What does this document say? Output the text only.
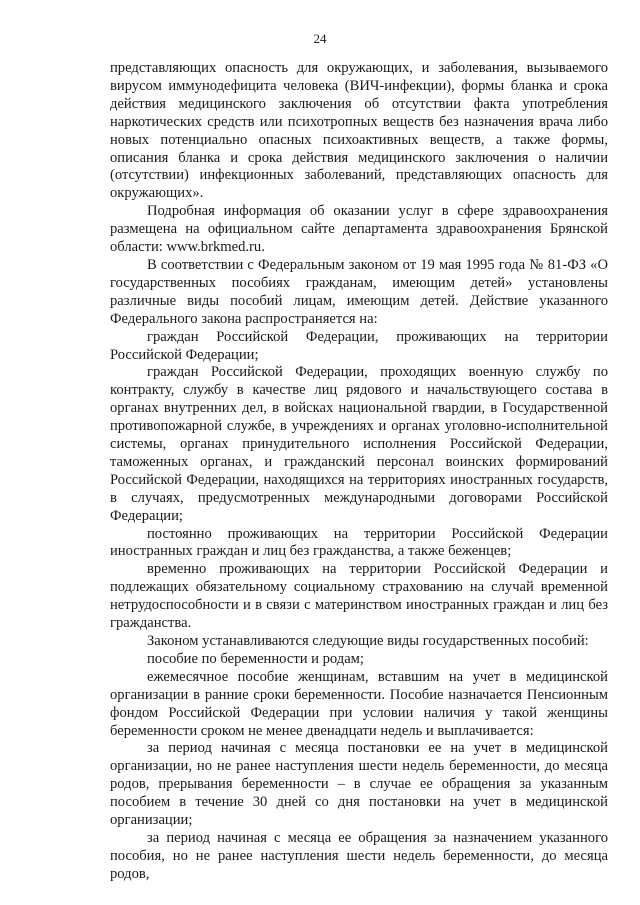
24

представляющих опасность для окружающих, и заболевания, вызываемого вирусом иммунодефицита человека (ВИЧ-инфекции), формы бланка и срока действия медицинского заключения об отсутствии факта употребления наркотических средств или психотропных веществ без назначения врача либо новых потенциально опасных психоактивных веществ, а также формы, описания бланка и срока действия медицинского заключения о наличии (отсутствии) инфекционных заболеваний, представляющих опасность для окружающих».

Подробная информация об оказании услуг в сфере здравоохранения размещена на официальном сайте департамента здравоохранения Брянской области: www.brkmed.ru.

В соответствии с Федеральным законом от 19 мая 1995 года № 81-ФЗ «О государственных пособиях гражданам, имеющим детей» установлены различные виды пособий лицам, имеющим детей. Действие указанного Федерального закона распространяется на:

граждан Российской Федерации, проживающих на территории Российской Федерации;

граждан Российской Федерации, проходящих военную службу по контракту, службу в качестве лиц рядового и начальствующего состава в органах внутренних дел, в войсках национальной гвардии, в Государственной противопожарной службе, в учреждениях и органах уголовно-исполнительной системы, органах принудительного исполнения Российской Федерации, таможенных органах, и гражданский персонал воинских формирований Российской Федерации, находящихся на территориях иностранных государств, в случаях, предусмотренных международными договорами Российской Федерации;

постоянно проживающих на территории Российской Федерации иностранных граждан и лиц без гражданства, а также беженцев;

временно проживающих на территории Российской Федерации и подлежащих обязательному социальному страхованию на случай временной нетрудоспособности и в связи с материнством иностранных граждан и лиц без гражданства.

Законом устанавливаются следующие виды государственных пособий:

пособие по беременности и родам;

ежемесячное пособие женщинам, вставшим на учет в медицинской организации в ранние сроки беременности. Пособие назначается Пенсионным фондом Российской Федерации при условии наличия у такой женщины беременности сроком не менее двенадцати недель и выплачивается:

за период начиная с месяца постановки ее на учет в медицинской организации, но не ранее наступления шести недель беременности, до месяца родов, прерывания беременности – в случае ее обращения за указанным пособием в течение 30 дней со дня постановки на учет в медицинской организации;

за период начиная с месяца ее обращения за назначением указанного пособия, но не ранее наступления шести недель беременности, до месяца родов,
